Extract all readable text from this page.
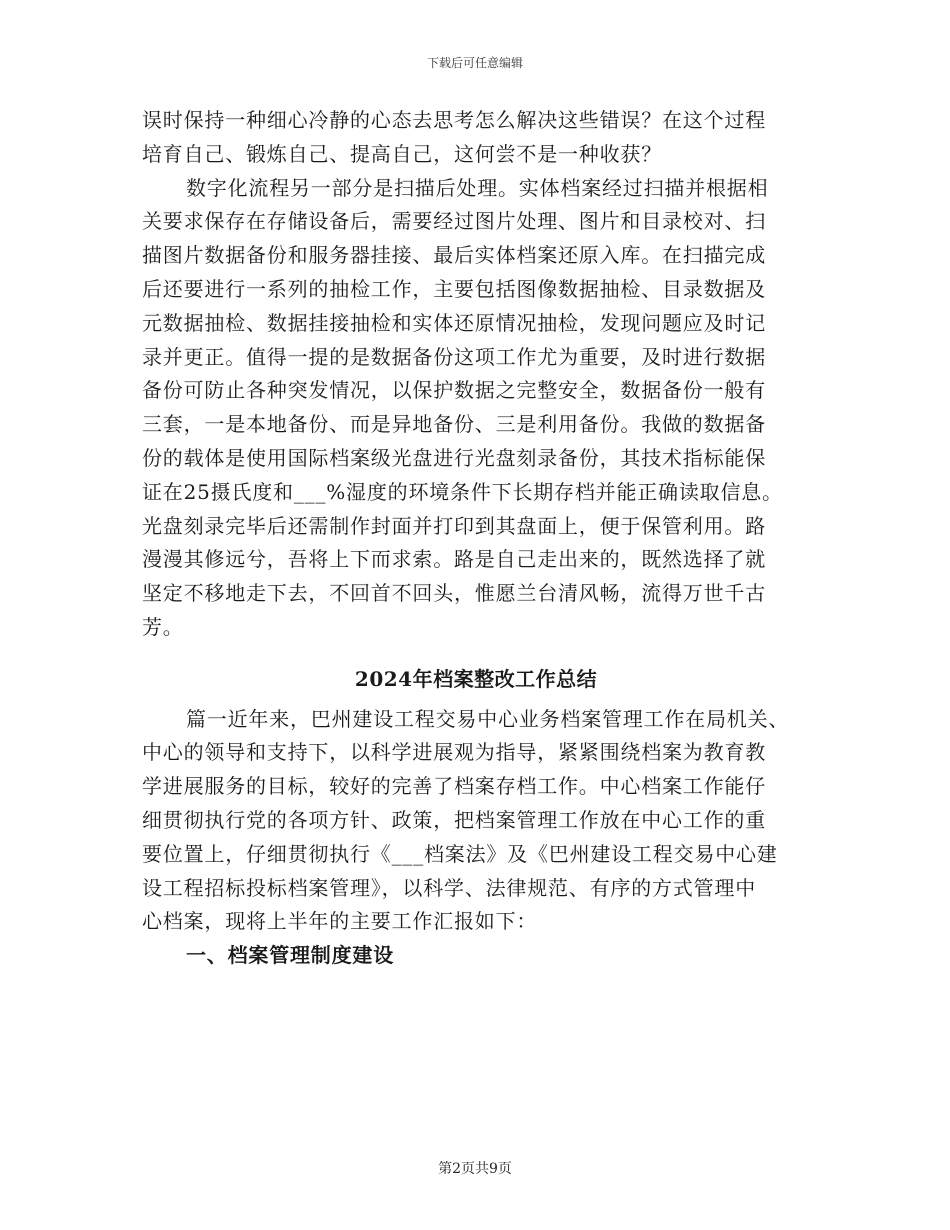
下载后可任意编辑
误时保持一种细心冷静的心态去思考怎么解决这些错误？在这个过程
培育自己、锻炼自己、提高自己，这何尝不是一种收获？
数字化流程另一部分是扫描后处理。实体档案经过扫描并根据相
关要求保存在存储设备后，需要经过图片处理、图片和目录校对、扫
描图片数据备份和服务器挂接、最后实体档案还原入库。在扫描完成
后还要进行一系列的抽检工作，主要包括图像数据抽检、目录数据及
元数据抽检、数据挂接抽检和实体还原情况抽检，发现问题应及时记
录并更正。值得一提的是数据备份这项工作尤为重要，及时进行数据
备份可防止各种突发情况，以保护数据之完整安全，数据备份一般有
三套，一是本地备份、而是异地备份、三是利用备份。我做的数据备
份的载体是使用国际档案级光盘进行光盘刻录备份，其技术指标能保
证在25摄氏度和___%湿度的环境条件下长期存档并能正确读取信息。
光盘刻录完毕后还需制作封面并打印到其盘面上，便于保管利用。路
漫漫其修远兮，吾将上下而求索。路是自己走出来的，既然选择了就
坚定不移地走下去，不回首不回头，惟愿兰台清风畅，流得万世千古
芳。
2024年档案整改工作总结
篇一近年来，巴州建设工程交易中心业务档案管理工作在局机关、
中心的领导和支持下，以科学进展观为指导，紧紧围绕档案为教育教
学进展服务的目标，较好的完善了档案存档工作。中心档案工作能仔
细贯彻执行党的各项方针、政策，把档案管理工作放在中心工作的重
要位置上，仔细贯彻执行《___档案法》及《巴州建设工程交易中心建
设工程招标投标档案管理》，以科学、法律规范、有序的方式管理中
心档案，现将上半年的主要工作汇报如下：
一、档案管理制度建设
第2页共9页
